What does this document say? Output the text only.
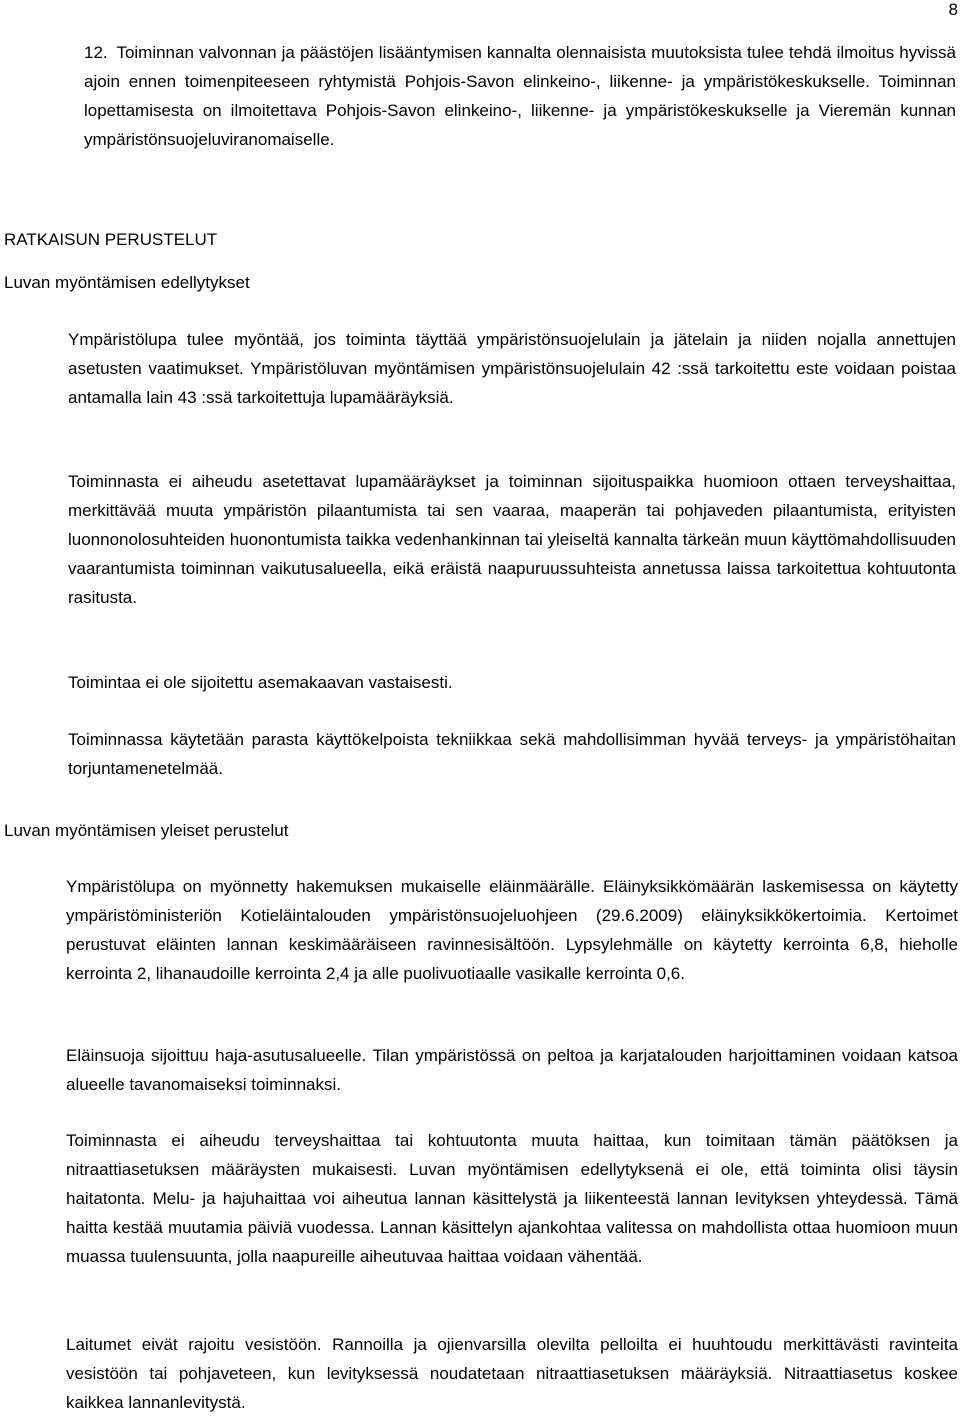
8

12. Toiminnan valvonnan ja päästöjen lisääntymisen kannalta olennaisista muutoksista tulee tehdä ilmoitus hyvissä ajoin ennen toimenpiteeseen ryhtymistä Pohjois-Savon elinkeino-, liikenne- ja ympäristökeskukselle. Toiminnan lopettamisesta on ilmoitettava Pohjois-Savon elinkeino-, liikenne- ja ympäristökeskukselle ja Vieremän kunnan ympäristönsuojeluviranomaiselle.

RATKAISUN PERUSTELUT
Luvan myöntämisen edellytykset

Ympäristölupa tulee myöntää, jos toiminta täyttää ympäristönsuojelulain ja jätelain ja niiden nojalla annettujen asetusten vaatimukset. Ympäristöluvan myöntämisen ympäristönsuojelulain 42 :ssä tarkoitettu este voidaan poistaa antamalla lain 43 :ssä tarkoitettuja lupamääräyksiä.

Toiminnasta ei aiheudu asetettavat lupamääräykset ja toiminnan sijoituspaikka huomioon ottaen terveyshaittaa, merkittävää muuta ympäristön pilaantumista tai sen vaaraa, maaperän tai pohjaveden pilaantumista, erityisten luonnonolosuhteiden huonontumista taikka vedenhankinnan tai yleiseltä kannalta tärkeän muun käyttömahdollisuuden vaarantumista toiminnan vaikutusalueella, eikä eräistä naapuruussuhteista annetussa laissa tarkoitettua kohtuutonta rasitusta.

Toimintaa ei ole sijoitettu asemakaavan vastaisesti.

Toiminnassa käytetään parasta käyttökelpoista tekniikkaa sekä mahdollisimman hyvää terveys- ja ympäristöhaitan torjuntamenetelmää.

Luvan myöntämisen yleiset perustelut

Ympäristölupa on myönnetty hakemuksen mukaiselle eläinmäärälle. Eläinyksikkömäärän laskemisessa on käytetty ympäristöministeriön Kotieläintalouden ympäristönsuojeluohjeen (29.6.2009) eläinyksikkökertoimia. Kertoimet perustuvat eläinten lannan keskimääräiseen ravinnesisältöön. Lypsylehmälle on käytetty kerrointa 6,8, hieholle kerrointa 2, lihanaudoille kerrointa 2,4 ja alle puolivuotiaalle vasikalle kerrointa 0,6.

Eläinsuoja sijoittuu haja-asutusalueelle. Tilan ympäristössä on peltoa ja karjatalouden harjoittaminen voidaan katsoa alueelle tavanomaiseksi toiminnaksi.

Toiminnasta ei aiheudu terveyshaittaa tai kohtuutonta muuta haittaa, kun toimitaan tämän päätöksen ja nitraattiasetuksen määräysten mukaisesti. Luvan myöntämisen edellytyksenä ei ole, että toiminta olisi täysin haitatonta. Melu- ja hajuhaittaa voi aiheutua lannan käsittelystä ja liikenteestä lannan levityksen yhteydessä. Tämä haitta kestää muutamia päiviä vuodessa. Lannan käsittelyn ajankohtaa valitessa on mahdollista ottaa huomioon muun muassa tuulensuunta, jolla naapureille aiheutuvaa haittaa voidaan vähentää.

Laitumet eivät rajoitu vesistöön. Rannoilla ja ojienvarsilla olevilta pelloilta ei huuhtoudu merkittävästi ravinteita vesistöön tai pohjaveteen, kun levityksessä noudatetaan nitraattiasetuksen määräyksiä. Nitraattiasetus koskee kaikkea lannanlevitystä.
